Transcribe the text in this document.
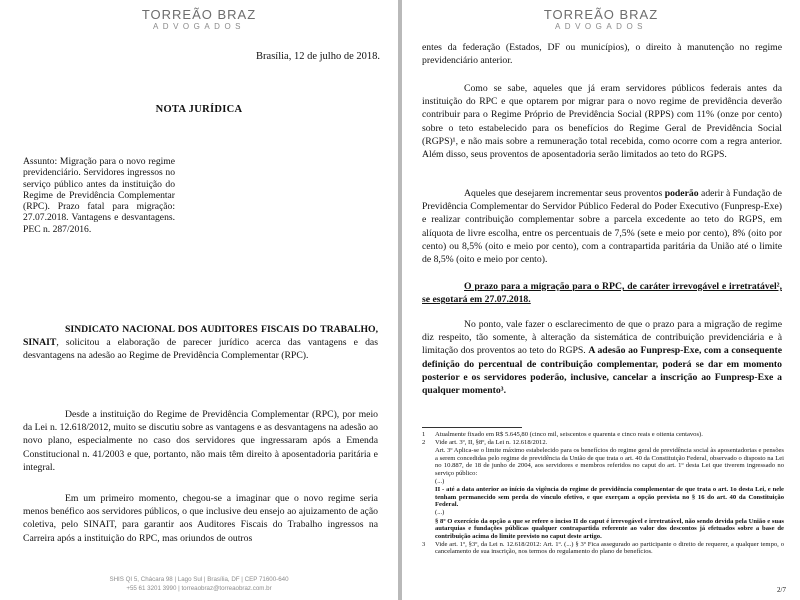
TORREÃO BRAZ
ADVOGADOS
Brasília, 12 de julho de 2018.
NOTA JURÍDICA
Assunto: Migração para o novo regime previdenciário. Servidores ingressos no serviço público antes da instituição do Regime de Previdência Complementar (RPC). Prazo fatal para migração: 27.07.2018. Vantagens e desvantagens. PEC n. 287/2016.
SINDICATO NACIONAL DOS AUDITORES FISCAIS DO TRABALHO, SINAIT, solicitou a elaboração de parecer jurídico acerca das vantagens e das desvantagens na adesão ao Regime de Previdência Complementar (RPC).
Desde a instituição do Regime de Previdência Complementar (RPC), por meio da Lei n. 12.618/2012, muito se discutiu sobre as vantagens e as desvantagens na adesão ao novo plano, especialmente no caso dos servidores que ingressaram após a Emenda Constitucional n. 41/2003 e que, portanto, não mais têm direito à aposentadoria paritária e integral.
Em um primeiro momento, chegou-se a imaginar que o novo regime seria menos benéfico aos servidores públicos, o que inclusive deu ensejo ao ajuizamento de ação coletiva, pelo SINAIT, para garantir aos Auditores Fiscais do Trabalho ingressos na Carreira após a instituição do RPC, mas oriundos de outros
SHIS QI 5, Chácara 98 | Lago Sul | Brasília, DF | CEP 71600-640
+55 61 3201 3990 | torreaobraz@torreaobraz.com.br
TORREÃO BRAZ
ADVOGADOS
entes da federação (Estados, DF ou municípios), o direito à manutenção no regime previdenciário anterior.
Como se sabe, aqueles que já eram servidores públicos federais antes da instituição do RPC e que optarem por migrar para o novo regime de previdência deverão contribuir para o Regime Próprio de Previdência Social (RPPS) com 11% (onze por cento) sobre o teto estabelecido para os benefícios do Regime Geral de Previdência Social (RGPS)¹, e não mais sobre a remuneração total recebida, como ocorre com a regra anterior. Além disso, seus proventos de aposentadoria serão limitados ao teto do RGPS.
Aqueles que desejarem incrementar seus proventos poderão aderir à Fundação de Previdência Complementar do Servidor Público Federal do Poder Executivo (Funpresp-Exe) e realizar contribuição complementar sobre a parcela excedente ao teto do RGPS, em alíquota de livre escolha, entre os percentuais de 7,5% (sete e meio por cento), 8% (oito por cento) ou 8,5% (oito e meio por cento), com a contrapartida paritária da União até o limite de 8,5% (oito e meio por cento).
O prazo para a migração para o RPC, de caráter irrevogável e irretratável², se esgotará em 27.07.2018.
No ponto, vale fazer o esclarecimento de que o prazo para a migração de regime diz respeito, tão somente, à alteração da sistemática de contribuição previdenciária e à limitação dos proventos ao teto do RGPS. A adesão ao Funpresp-Exe, com a consequente definição do percentual de contribuição complementar, poderá se dar em momento posterior e os servidores poderão, inclusive, cancelar a inscrição ao Funpresp-Exe a qualquer momento³.
1	Atualmente fixado em R$ 5.645,80 (cinco mil, seiscentos e quarenta e cinco reais e oitenta centavos).
2	Vide art. 3º, II, §8º, da Lei n. 12.618/2012.
Art. 3º Aplica-se o limite máximo estabelecido para os benefícios do regime geral de previdência social às aposentadorias e pensões a serem concedidas pelo regime de previdência da União de que trata o art. 40 da Constituição Federal, observado o disposto na Lei no 10.887, de 18 de junho de 2004, aos servidores e membros referidos no caput do art. 1º desta Lei que tiverem ingressado no serviço público:
(...)
II - até a data anterior ao início da vigência do regime de previdência complementar de que trata o art. 1o desta Lei, e nele tenham permanecido sem perda do vínculo efetivo, e que exerçam a opção prevista no § 16 do art. 40 da Constituição Federal.
(...)
§ 8º O exercício da opção a que se refere o inciso II do caput é irrevogável e irretratável, não sendo devida pela União e suas autarquias e fundações públicas qualquer contrapartida referente ao valor dos descontos já efetuados sobre a base de contribuição acima do limite previsto no caput deste artigo.
3	Vide art. 1º, §3º, da Lei n. 12.618/2012: Art. 1º. (...) § 3º Fica assegurado ao participante o direito de requerer, a qualquer tempo, o cancelamento de sua inscrição, nos termos do regulamento do plano de benefícios.
2/7
